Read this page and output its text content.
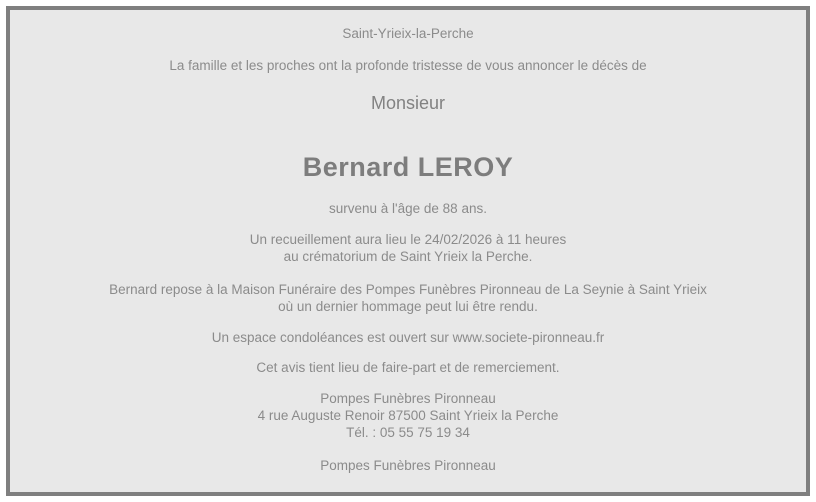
Saint-Yrieix-la-Perche

La famille et les proches ont la profonde tristesse de vous annoncer le décès de

Monsieur

Bernard LEROY

survenu à l'âge de 88 ans.

Un recueillement aura lieu le 24/02/2026 à 11 heures
au crématorium de Saint Yrieix la Perche.

Bernard repose à la Maison Funéraire des Pompes Funèbres Pironneau de La Seynie à Saint Yrieix
où un dernier hommage peut lui être rendu.

Un espace condoléances est ouvert sur www.societe-pironneau.fr

Cet avis tient lieu de faire-part et de remerciement.

Pompes Funèbres Pironneau
4 rue Auguste Renoir 87500 Saint Yrieix la Perche
Tél. : 05 55 75 19 34

Pompes Funèbres Pironneau
